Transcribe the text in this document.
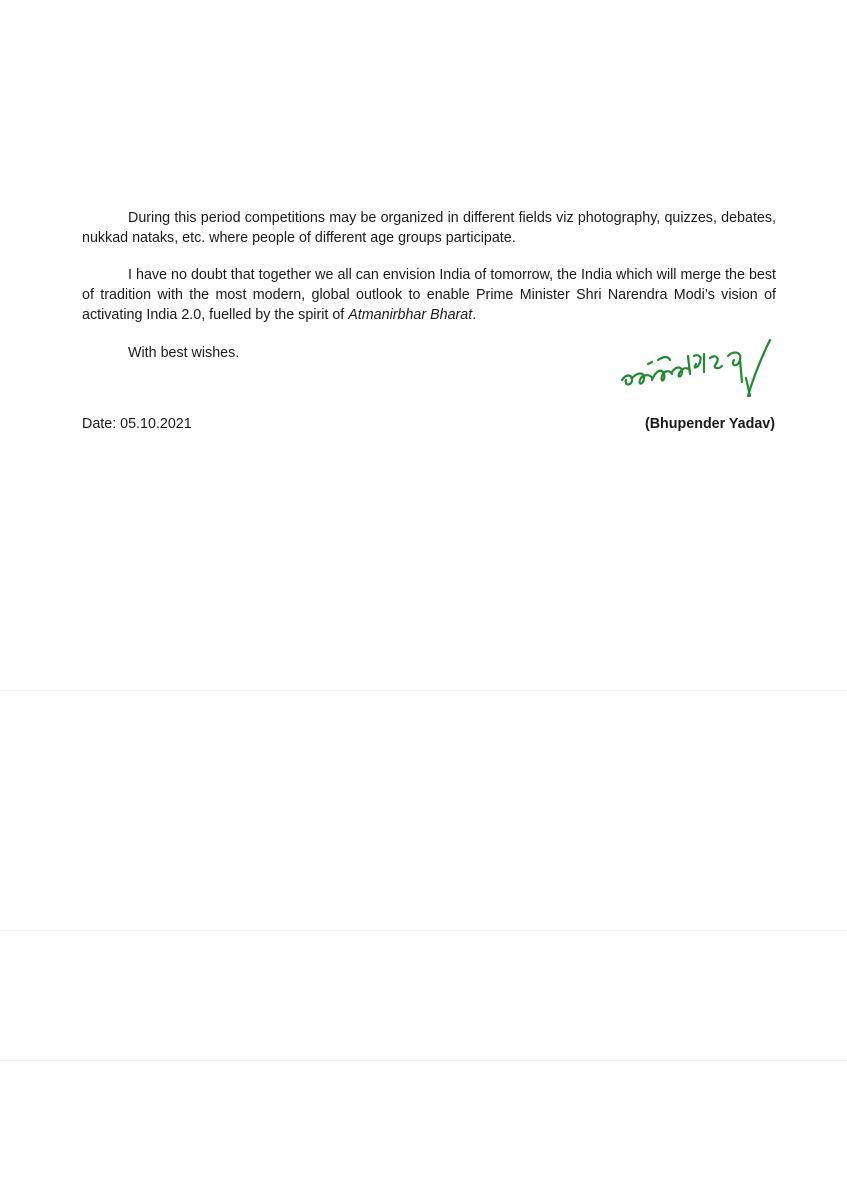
During this period competitions may be organized in different fields viz photography, quizzes, debates, nukkad nataks, etc. where people of different age groups participate.

I have no doubt that together we all can envision India of tomorrow, the India which will merge the best of tradition with the most modern, global outlook to enable Prime Minister Shri Narendra Modi’s vision of activating India 2.0, fuelled by the spirit of Atmanirbhar Bharat.

With best wishes.

Date: 05.10.2021	(Bhupender Yadav)
